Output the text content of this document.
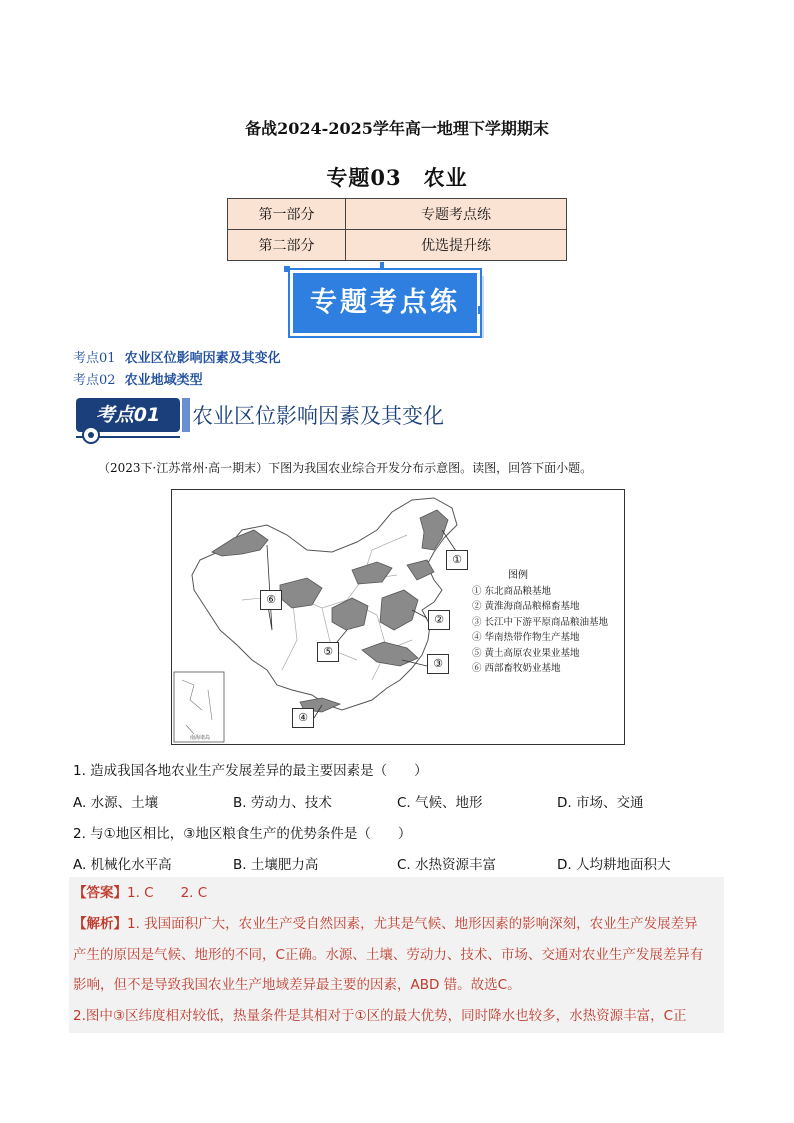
备战2024-2025学年高一地理下学期期末
专题03 农业
第一部分	专题考点练
第二部分	优选提升练
专题考点练
考点01 农业区位影响因素及其变化
考点02 农业地域类型
考点01	农业区位影响因素及其变化
（2023下·江苏常州·高一期末）下图为我国农业综合开发分布示意图。读图，回答下面小题。
南海诸岛
①
②
③
④
⑤
⑥
图例
① 东北商品粮基地
② 黄淮海商品粮棉畜基地
③ 长江中下游平原商品粮油基地
④ 华南热带作物生产基地
⑤ 黄土高原农业果业基地
⑥ 西部畜牧奶业基地
1. 造成我国各地农业生产发展差异的最主要因素是（　　）
A. 水源、土壤	B. 劳动力、技术	C. 气候、地形	D. 市场、交通
2. 与①地区相比，③地区粮食生产的优势条件是（　　）
A. 机械化水平高	B. 土壤肥力高	C. 水热资源丰富	D. 人均耕地面积大
【答案】1. C　　2. C
【解析】1. 我国面积广大，农业生产受自然因素，尤其是气候、地形因素的影响深刻，农业生产发展差异
产生的原因是气候、地形的不同，C正确。水源、土壤、劳动力、技术、市场、交通对农业生产发展差异有
影响，但不是导致我国农业生产地域差异最主要的因素，ABD 错。故选C。
2.图中③区纬度相对较低，热量条件是其相对于①区的最大优势，同时降水也较多，水热资源丰富，C正
